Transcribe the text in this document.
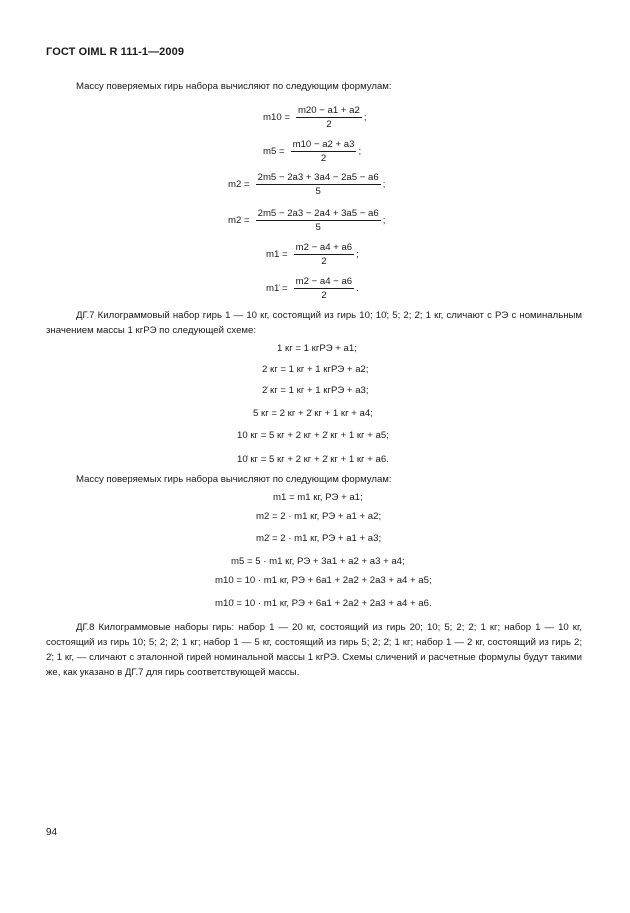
ГОСТ OIML R 111-1—2009
Массу поверяемых гирь набора вычисляют по следующим формулам:
$m10 = \frac{m20 - a1 + a2}{2}$ ;
$m5 = \frac{m10 - a2 + a3}{2}$ ;
$m2 = \frac{2m5 - 2a3 + 3a4 - 2a5 - a6}{5}$ ;
$m2 = \frac{2m5 - 2a3 - 2a4 + 3a5 - a6}{5}$ ;
$m1 = \frac{m2 - a4 + a6}{2}$ ;
m1̇ = $\frac{m2 - a4 - a6}{2}$ .
ДГ.7 Килограммовый набор гирь 1 — 10 кг, состоящий из гирь 10; 10̇; 5; 2; 2̇; 1 кг, сличают с РЭ с номинальным значением массы 1 кгРЭ по следующей схеме:
1 кг = 1 кгРЭ + a1;
2 кг = 1 кг + 1 кгРЭ + a2;
2̇ кг = 1 кг + 1 кгРЭ + a3;
5 кг = 2 кг + 2̇ кг + 1 кг + a4;
10 кг = 5 кг + 2 кг + 2̇ кг + 1 кг + a5;
10̇ кг = 5 кг + 2 кг + 2̇ кг + 1 кг + a6.
Массу поверяемых гирь набора вычисляют по следующим формулам:
m1 = m1 кг, РЭ + a1;
m2 = 2 · m1 кг, РЭ + a1 + a2;
m2̇ = 2 · m1 кг, РЭ + a1 + a3;
m5 = 5 · m1 кг, РЭ + 3a1 + a2 + a3 + a4;
m10 = 10 · m1 кг, РЭ + 6a1 + 2a2 + 2a3 + a4 + a5;
m10̇ = 10 · m1 кг, РЭ + 6a1 + 2a2 + 2a3 + a4 + a6.
ДГ.8 Килограммовые наборы гирь: набор 1 — 20 кг, состоящий из гирь 20; 10; 5; 2; 2̇; 1 кг; набор 1 — 10 кг, состоящий из гирь 10; 5; 2; 2̇; 1 кг; набор 1 — 5 кг, состоящий из гирь 5; 2; 2̇; 1 кг; набор 1 — 2 кг, состоящий из гирь 2; 2̇; 1 кг, — сличают с эталонной гирей номинальной массы 1 кгРЭ. Схемы сличений и расчетные формулы будут такими же, как указано в ДГ.7 для гирь соответствующей массы.
94
